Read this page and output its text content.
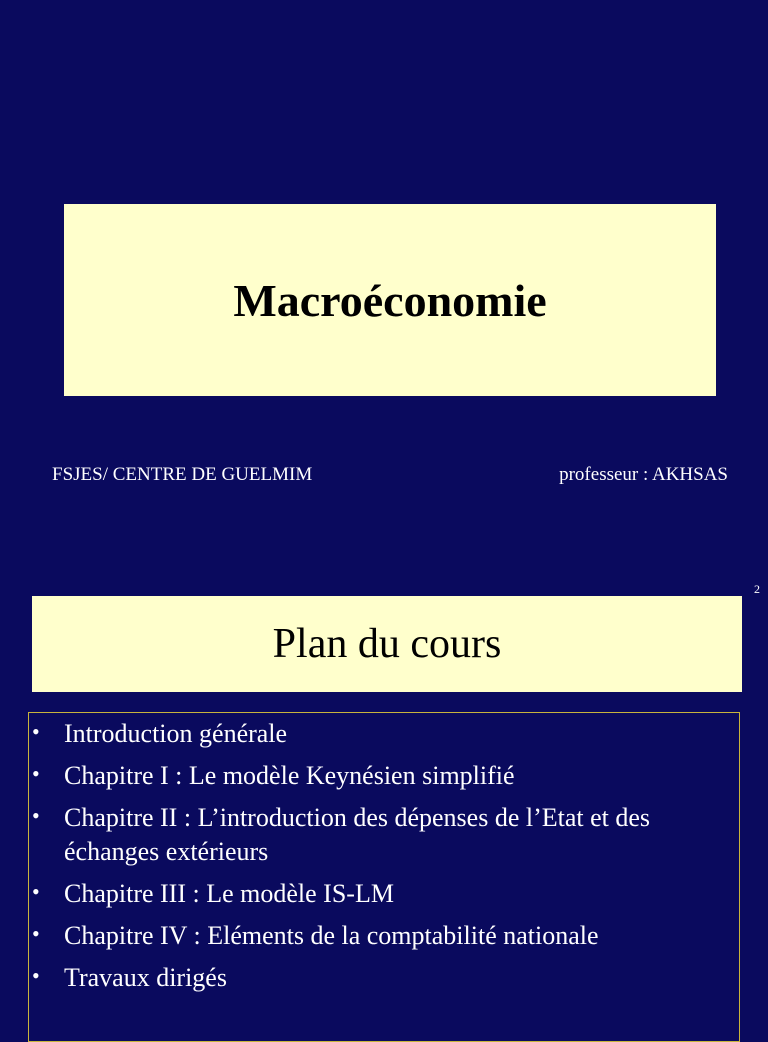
Macroéconomie
FSJES/ CENTRE DE GUELMIM	professeur : AKHSAS
2
Plan du cours
• Introduction générale
• Chapitre I : Le modèle Keynésien simplifié
• Chapitre II : L’introduction des dépenses de l’Etat et des échanges extérieurs
• Chapitre III : Le modèle IS-LM
• Chapitre IV : Eléments de la comptabilité nationale
• Travaux dirigés
